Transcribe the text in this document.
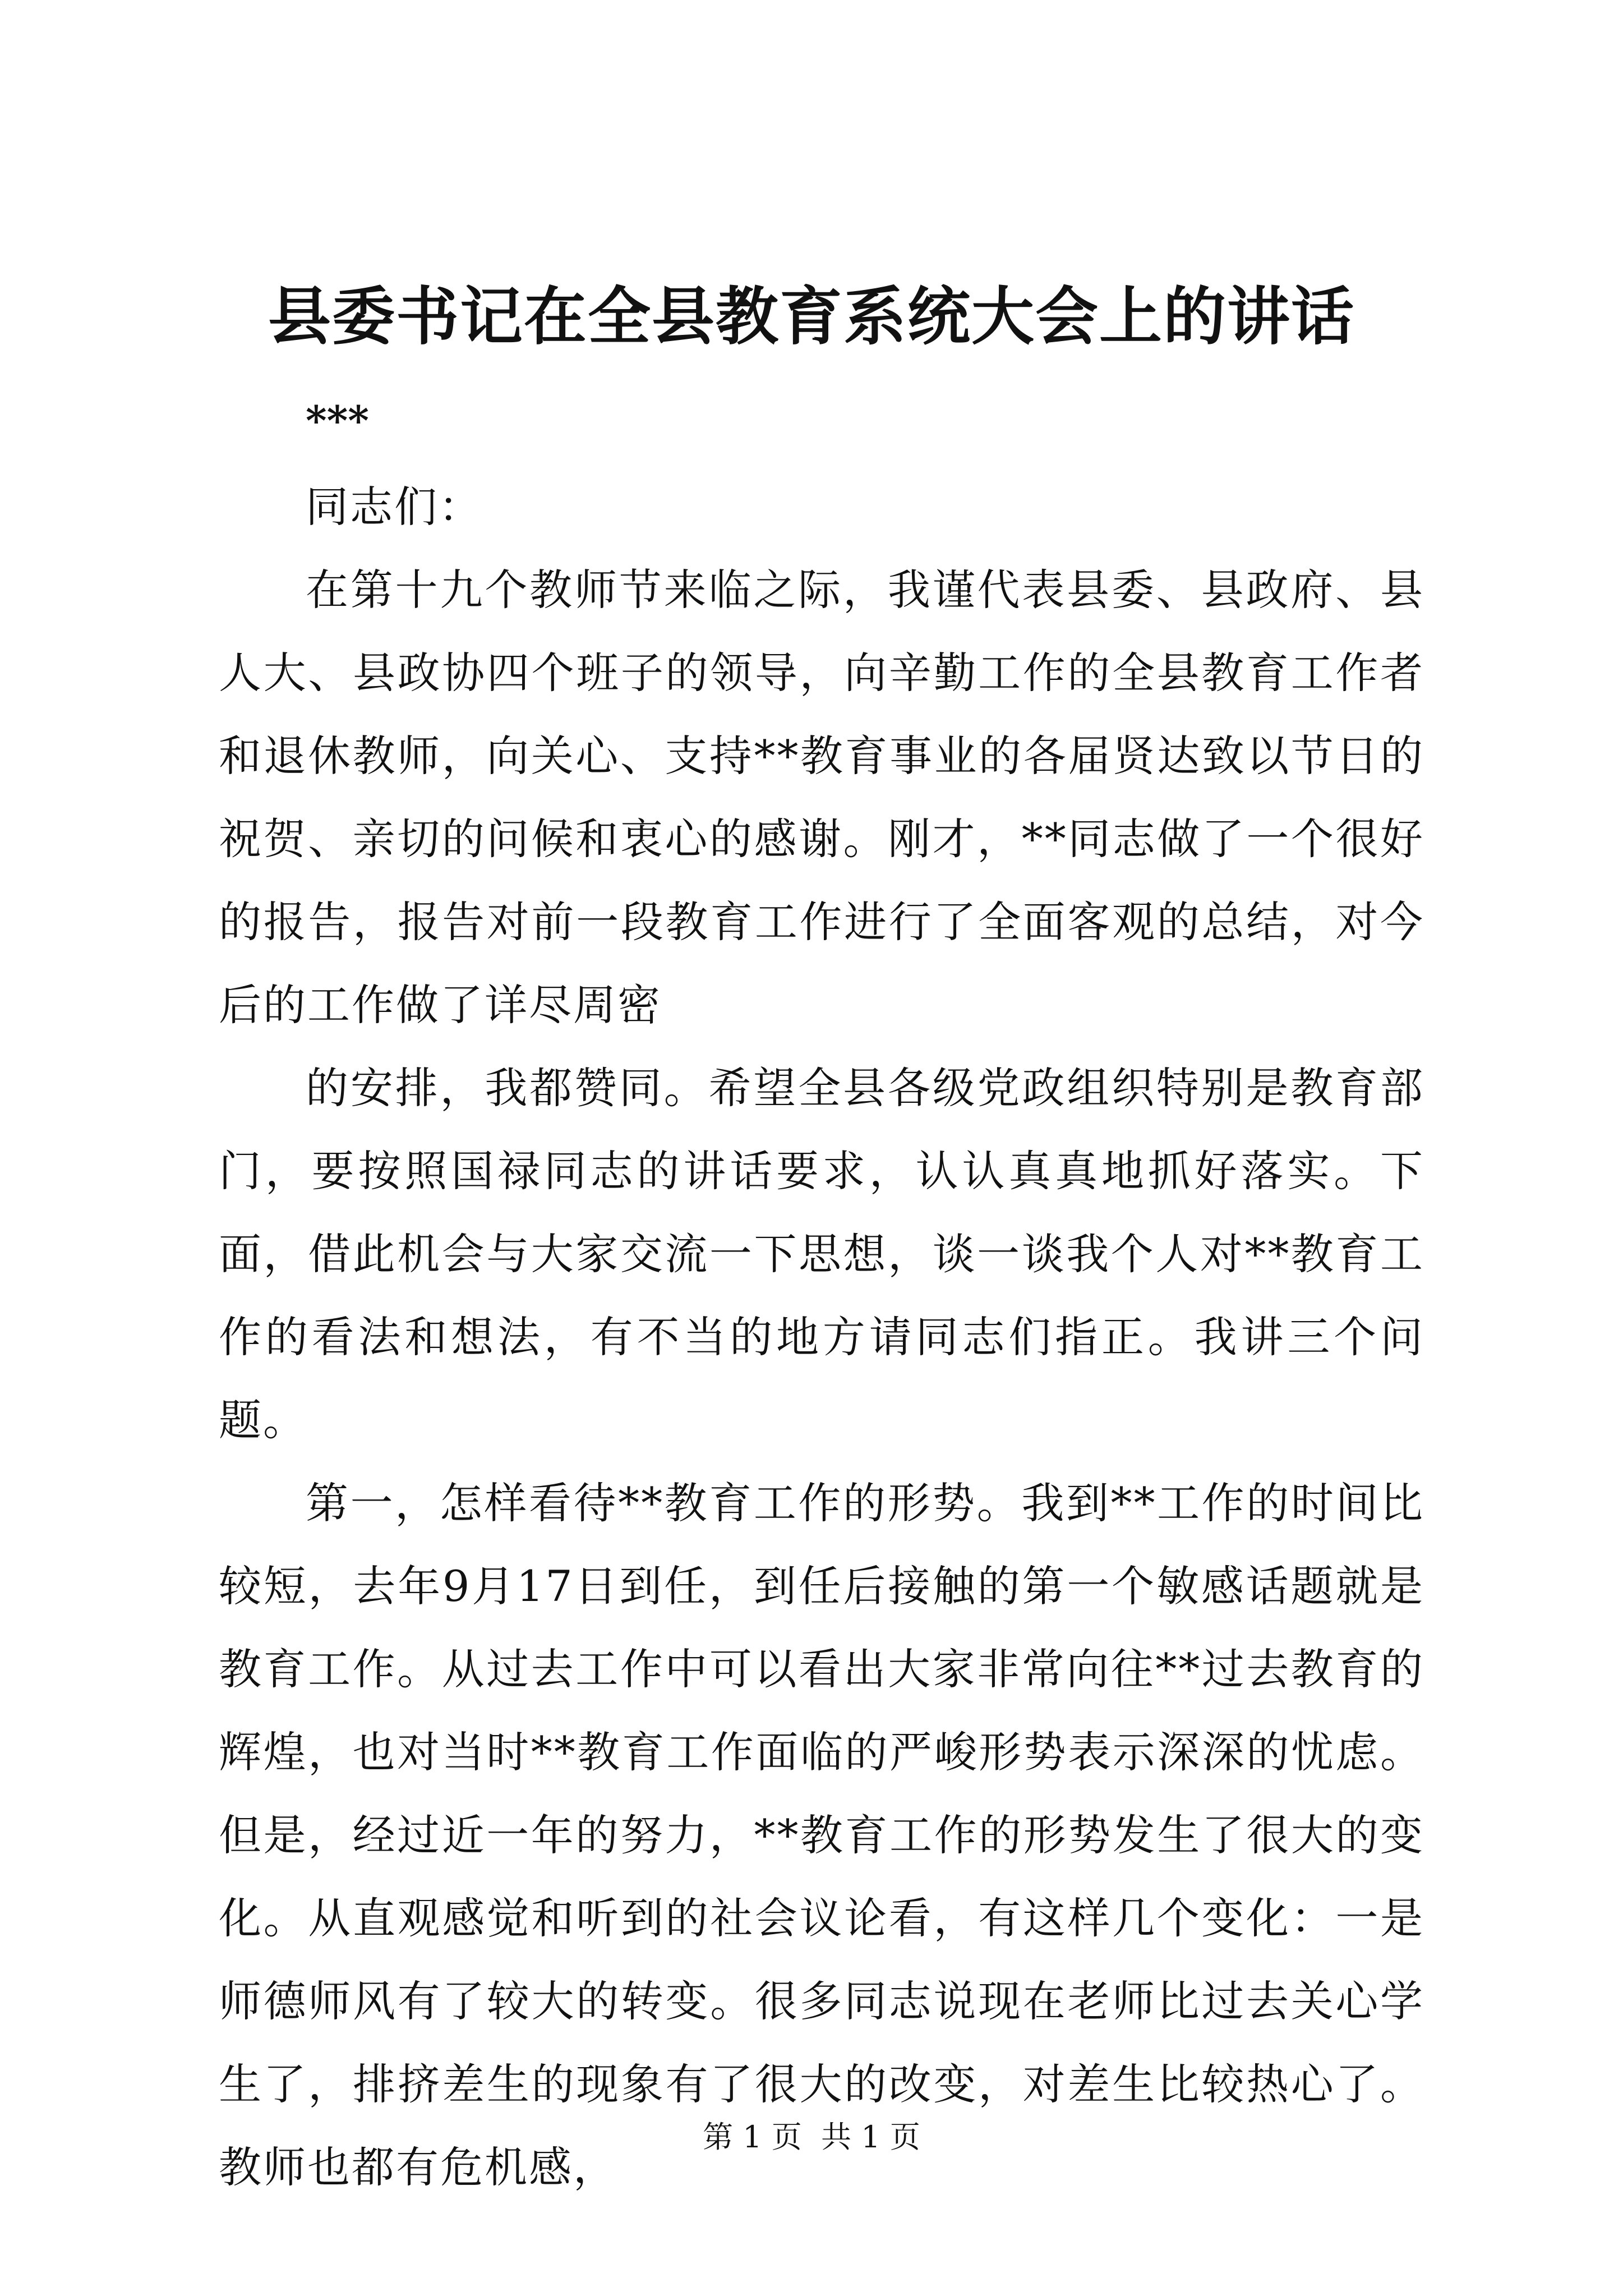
县委书记在全县教育系统大会上的讲话
***

同志们：

在第十九个教师节来临之际，我谨代表县委、县政府、县人大、县政协四个班子的领导，向辛勤工作的全县教育工作者和退休教师，向关心、支持**教育事业的各届贤达致以节日的祝贺、亲切的问候和衷心的感谢。刚才，**同志做了一个很好的报告，报告对前一段教育工作进行了全面客观的总结，对今后的工作做了详尽周密

的安排，我都赞同。希望全县各级党政组织特别是教育部门，要按照国禄同志的讲话要求，认认真真地抓好落实。下面，借此机会与大家交流一下思想，谈一谈我个人对**教育工作的看法和想法，有不当的地方请同志们指正。我讲三个问题。

第一，怎样看待**教育工作的形势。我到**工作的时间比较短，去年9月17日到任，到任后接触的第一个敏感话题就是教育工作。从过去工作中可以看出大家非常向往**过去教育的辉煌，也对当时**教育工作面临的严峻形势表示深深的忧虑。但是，经过近一年的努力，**教育工作的形势发生了很大的变化。从直观感觉和听到的社会议论看，有这样几个变化：一是师德师风有了较大的转变。很多同志说现在老师比过去关心学生了，排挤差生的现象有了很大的改变，对差生比较热心了。教师也都有危机感，

第 1 页  共 1 页
